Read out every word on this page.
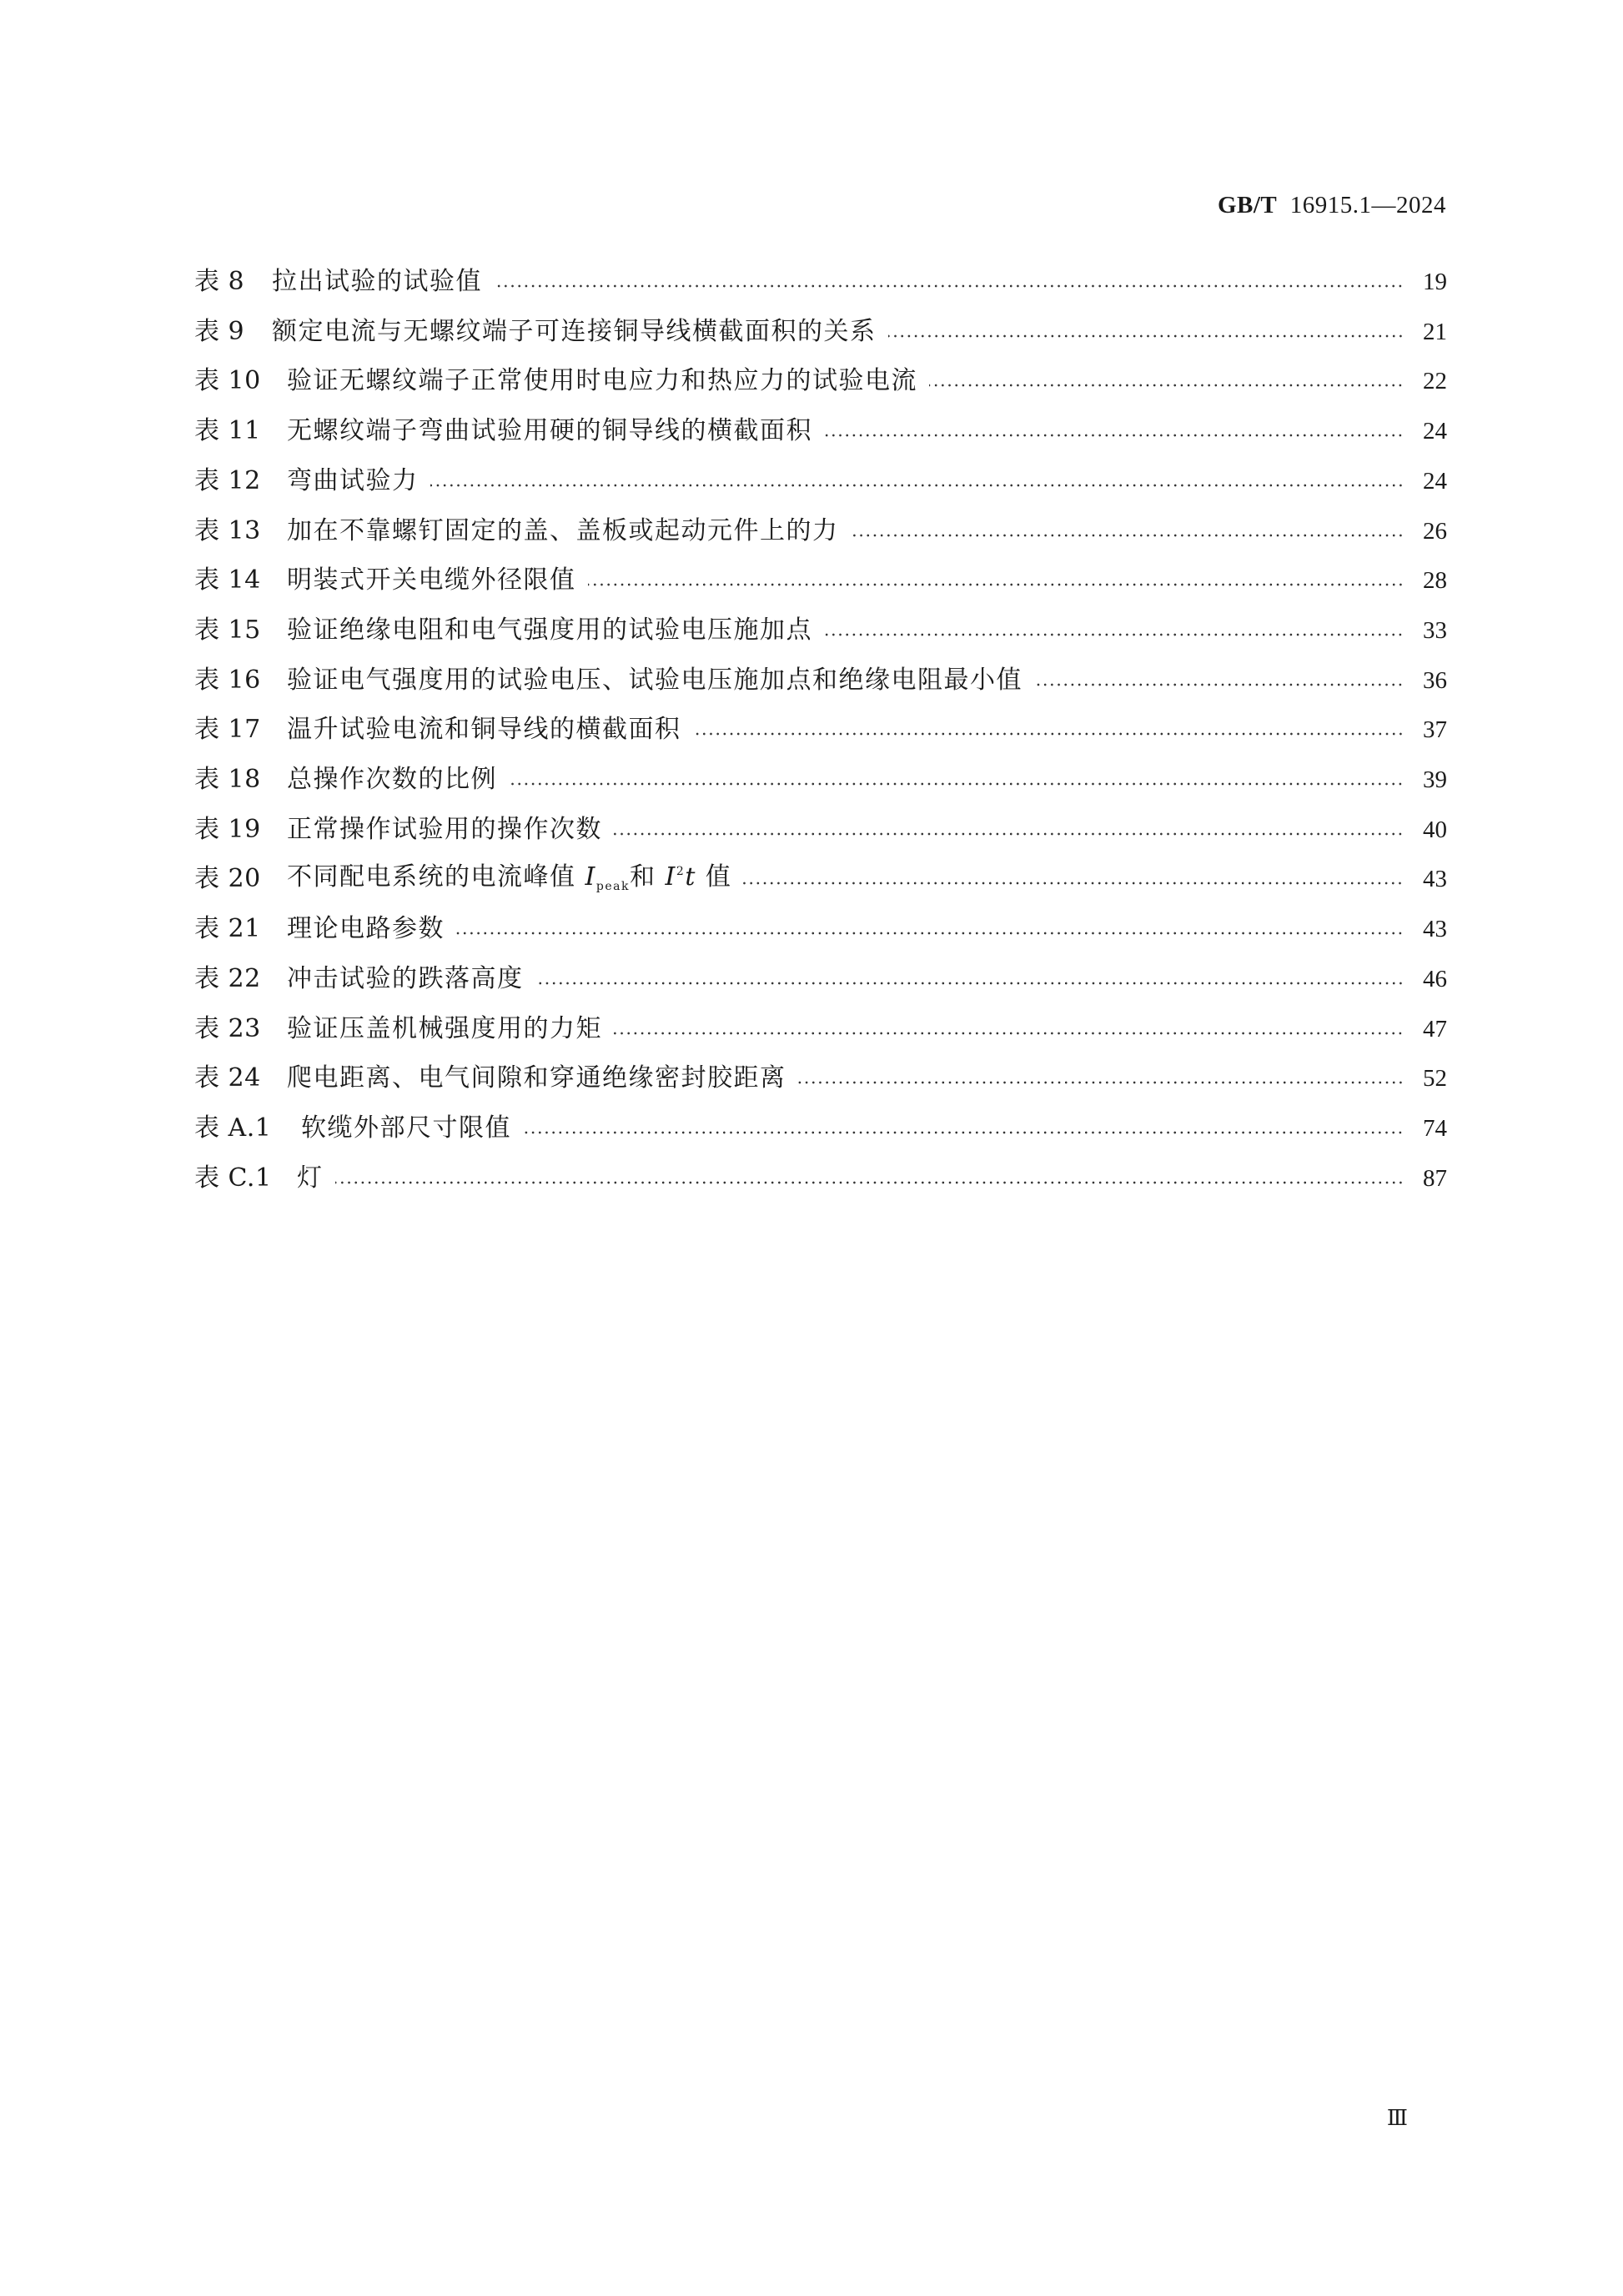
GB/T 16915.1—2024
表 8	拉出试验的试验值	19
表 9	额定电流与无螺纹端子可连接铜导线横截面积的关系	21
表 10	验证无螺纹端子正常使用时电应力和热应力的试验电流	22
表 11	无螺纹端子弯曲试验用硬的铜导线的横截面积	24
表 12	弯曲试验力	24
表 13	加在不靠螺钉固定的盖、盖板或起动元件上的力	26
表 14	明装式开关电缆外径限值	28
表 15	验证绝缘电阻和电气强度用的试验电压施加点	33
表 16	验证电气强度用的试验电压、试验电压施加点和绝缘电阻最小值	36
表 17	温升试验电流和铜导线的横截面积	37
表 18	总操作次数的比例	39
表 19	正常操作试验用的操作次数	40
表 20	不同配电系统的电流峰值 $I_{peak}$和 $I^2t$ 值	43
表 21	理论电路参数	43
表 22	冲击试验的跌落高度	46
表 23	验证压盖机械强度用的力矩	47
表 24	爬电距离、电气间隙和穿通绝缘密封胶距离	52
表 A.1	软缆外部尺寸限值	74
表 C.1	灯	87
Ⅲ
